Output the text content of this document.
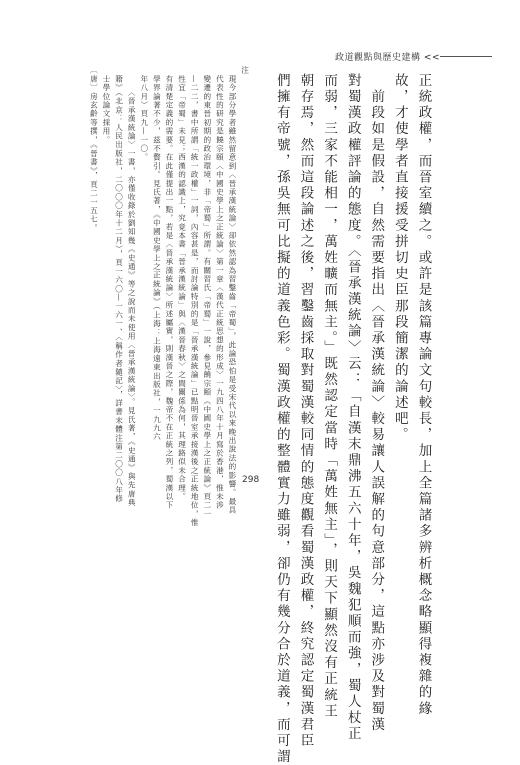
政道觀點與歷史建構 <<
正統政權，而晉室續之。或許是該篇專論文句較長，加上全篇諸多辨析概念略顯得複雜的緣
故，才使學者直接援受拼切史臣那段簡潔的論述吧。
　前段如是假設，自然需要指出〈晉承漢統論〉較易讓人誤解的句意部分，這點亦涉及對蜀漢
對蜀漢政權評論的態度。〈晉承漢統論〉云：「自漢末鼎沸五六十年，吳魏犯順而強，蜀人杖正
而弱，三家不能相一，萬姓曠而無主。」既然認定當時「萬姓無主」，則天下顯然沒有正統王
朝存焉，然而這段論述之後，習鑿齒採取對蜀漢較同情的態度觀看蜀漢政權，終究認定蜀漢君臣
們擁有帝號，孫吳無可比擬的道義色彩。蜀漢政權的整體實力雖弱，卻仍有幾分合於道義，而可謂
注
　現今部分學者雖然留意到〈晉承漢統論〉卻依然認為習鑿齒「帝蜀」，此論恐怕是受宋代以來晚出說法的影響。最具
　代表性的研究是饒宗頤〈中國史學上之正統論〉第一章〈漢代正統思想的形成〉一九四八年十月寫於香港，惟未涉
　變遷的東晉初期的政治環境，非「帝蜀」所謂。有關習氏「帝蜀」一說，參見饒宗頤《中國史學上之正統論》頁二一
　—二二，書中所謂「統一政權」一詞，內容甚是，而討論特別的是「晉承漢統論」已點明晉室承接漢後之正統地位，惟
　性宜「帝蜀」未見；西漢的認識上，究竟本書「晉承漢統論」與〈漢晉春秋〉之間關係為何，其理路似未合理。
　有清楚定義的需要。在此僅提出一點，若是〈晉承漢統論〉所述屬實，則漢晉之際，魏帝不在正統之列，蜀漢以下
　學界論著不少，茲不贅引。見氏著，《中國史學上之正統論》（上海：上海遠東出版社，一九九六
　年八月）頁九—一〇。
　　　〈晉承漢統論〉一書，亦僅收錄於劉知幾《史通》等之說而未使用〈晉承漢統論〉。見氏著，《史通》與先唐典
　籍》（北京：人民出版社，二〇〇〇年十二月），頁一六〇—一六一、〈稱作者隨記〉，詳書末體注第二〇〇八年修
　士學位論文採用。
〔唐〕房玄齡等撰，《晉書》，頁二一五七。
298
